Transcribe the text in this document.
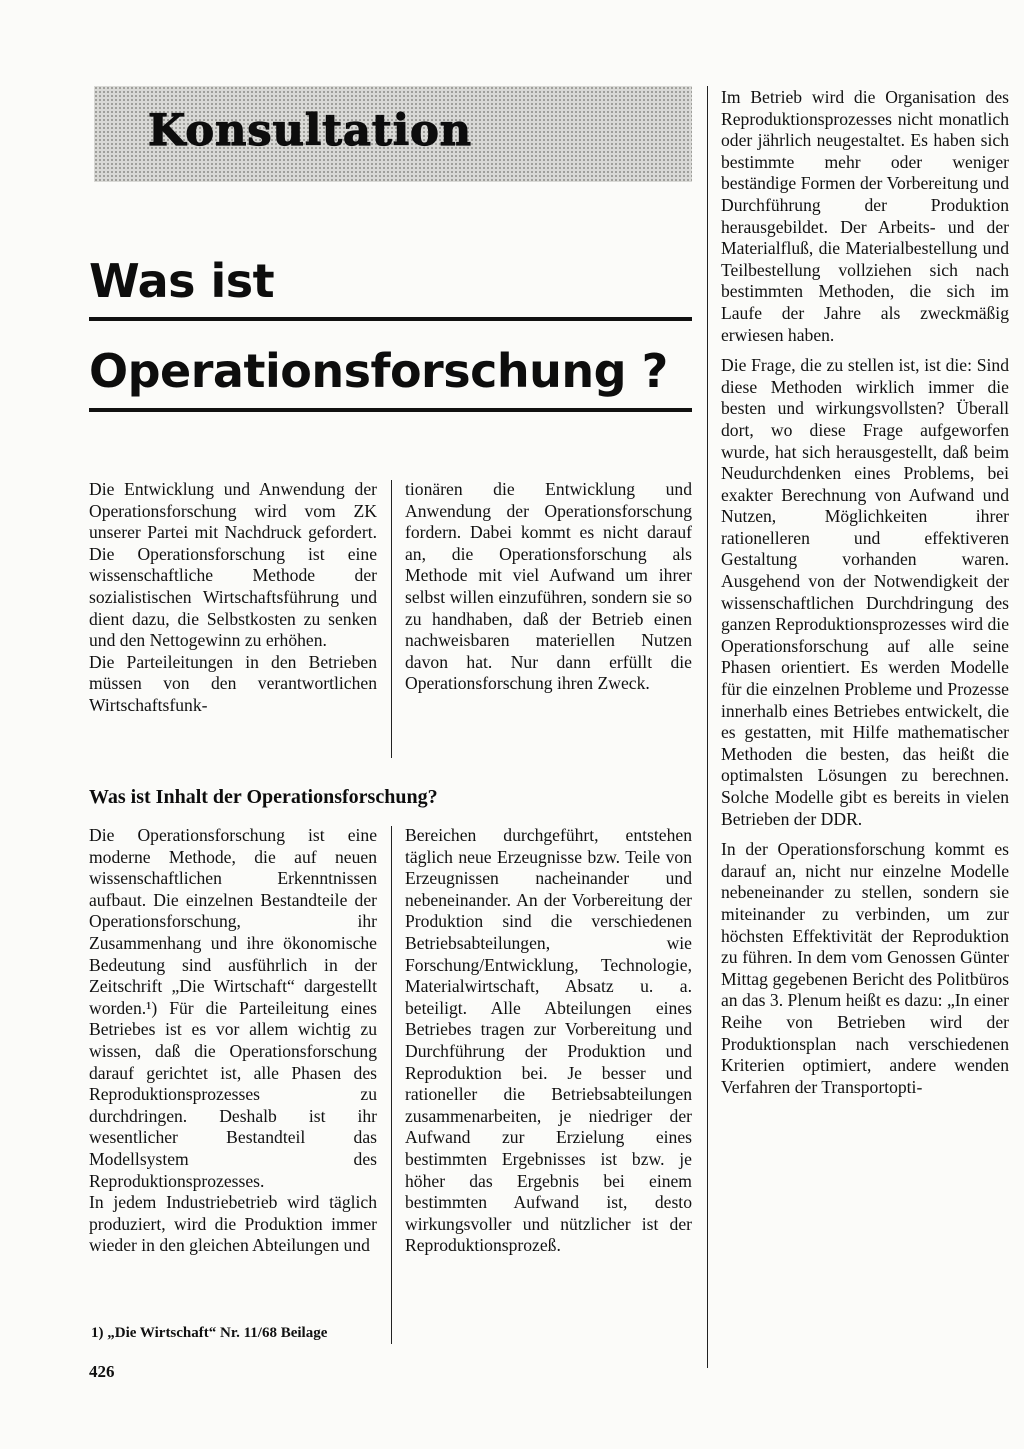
Konsultation
Was ist
Operationsforschung ?

Die Entwicklung und Anwendung der Operationsforschung wird vom ZK unserer Partei mit Nachdruck gefordert. Die Operationsforschung ist eine wissenschaftliche Methode der sozialistischen Wirtschaftsführung und dient dazu, die Selbstkosten zu senken und den Nettogewinn zu erhöhen.

Die Parteileitungen in den Betrieben müssen von den verantwortlichen Wirtschaftsfunk-

tionären die Entwicklung und Anwendung der Operationsforschung fordern. Dabei kommt es nicht darauf an, die Operationsforschung als Methode mit viel Aufwand um ihrer selbst willen einzuführen, sondern sie so zu handhaben, daß der Betrieb einen nachweisbaren materiellen Nutzen davon hat. Nur dann erfüllt die Operationsforschung ihren Zweck.

Was ist Inhalt der Operationsforschung?

Die Operationsforschung ist eine moderne Methode, die auf neuen wissenschaftlichen Erkenntnissen aufbaut. Die einzelnen Bestandteile der Operationsforschung, ihr Zusammenhang und ihre ökonomische Bedeutung sind ausführlich in der Zeitschrift „Die Wirtschaft“ dargestellt worden.¹) Für die Parteileitung eines Betriebes ist es vor allem wichtig zu wissen, daß die Operationsforschung darauf gerichtet ist, alle Phasen des Reproduktionsprozesses zu durchdringen. Deshalb ist ihr wesentlicher Bestandteil das Modellsystem des Reproduktionsprozesses.

In jedem Industriebetrieb wird täglich produziert, wird die Produktion immer wieder in den gleichen Abteilungen und

Bereichen durchgeführt, entstehen täglich neue Erzeugnisse bzw. Teile von Erzeugnissen nacheinander und nebeneinander. An der Vorbereitung der Produktion sind die verschiedenen Betriebsabteilungen, wie Forschung/Entwicklung, Technologie, Materialwirtschaft, Absatz u. a. beteiligt. Alle Abteilungen eines Betriebes tragen zur Vorbereitung und Durchführung der Produktion und Reproduktion bei. Je besser und rationeller die Betriebsabteilungen zusammenarbeiten, je niedriger der Aufwand zur Erzielung eines bestimmten Ergebnisses ist bzw. je höher das Ergebnis bei einem bestimmten Aufwand ist, desto wirkungsvoller und nützlicher ist der Reproduktionsprozeß.

Im Betrieb wird die Organisation des Reproduktionsprozesses nicht monatlich oder jährlich neugestaltet. Es haben sich bestimmte mehr oder weniger beständige Formen der Vorbereitung und Durchführung der Produktion herausgebildet. Der Arbeits- und der Materialfluß, die Materialbestellung und Teilbestellung vollziehen sich nach bestimmten Methoden, die sich im Laufe der Jahre als zweckmäßig erwiesen haben.

Die Frage, die zu stellen ist, ist die: Sind diese Methoden wirklich immer die besten und wirkungsvollsten? Überall dort, wo diese Frage aufgeworfen wurde, hat sich herausgestellt, daß beim Neudurchdenken eines Problems, bei exakter Berechnung von Aufwand und Nutzen, Möglichkeiten ihrer rationelleren und effektiveren Gestaltung vorhanden waren. Ausgehend von der Notwendigkeit der wissenschaftlichen Durchdringung des ganzen Reproduktionsprozesses wird die Operationsforschung auf alle seine Phasen orientiert. Es werden Modelle für die einzelnen Probleme und Prozesse innerhalb eines Betriebes entwickelt, die es gestatten, mit Hilfe mathematischer Methoden die besten, das heißt die optimalsten Lösungen zu berechnen. Solche Modelle gibt es bereits in vielen Betrieben der DDR.

In der Operationsforschung kommt es darauf an, nicht nur einzelne Modelle nebeneinander zu stellen, sondern sie miteinander zu verbinden, um zur höchsten Effektivität der Reproduktion zu führen. In dem vom Genossen Günter Mittag gegebenen Bericht des Politbüros an das 3. Plenum heißt es dazu: „In einer Reihe von Betrieben wird der Produktionsplan nach verschiedenen Kriterien optimiert, andere wenden Verfahren der Transportopti-

1) „Die Wirtschaft“ Nr. 11/68 Beilage
426
